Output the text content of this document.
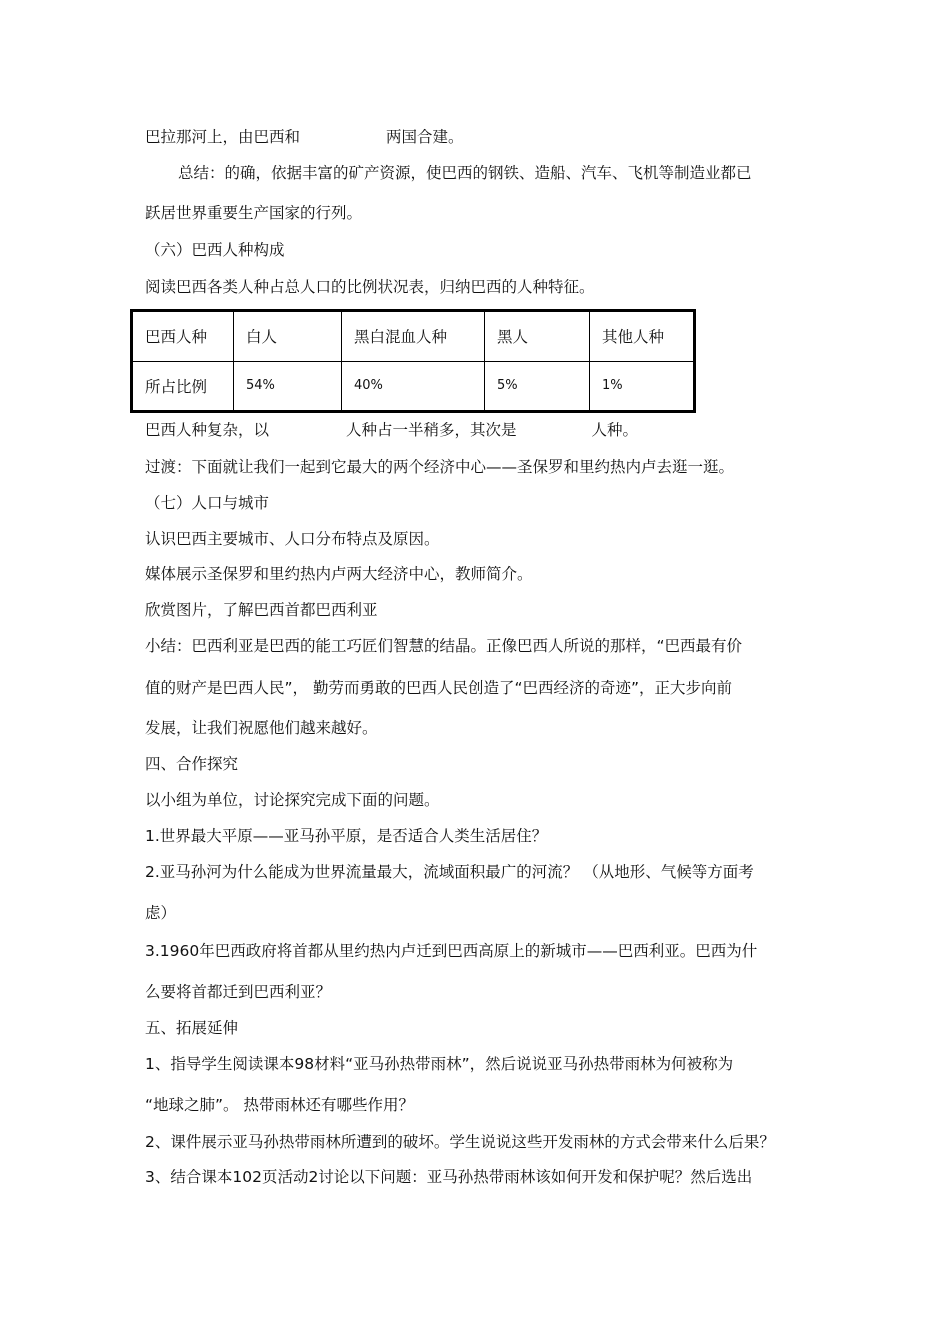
巴拉那河上，由巴西和	两国合建。
总结：的确，依据丰富的矿产资源，使巴西的钢铁、造船、汽车、飞机等制造业都已
跃居世界重要生产国家的行列。
（六）巴西人种构成
阅读巴西各类人种占总人口的比例状况表，归纳巴西的人种特征。
巴西人种	白人	黑白混血人种	黑人	其他人种
所占比例	54%	40%	5%	1%
巴西人种复杂，以	人种占一半稍多，其次是	人种。
过渡：下面就让我们一起到它最大的两个经济中心——圣保罗和里约热内卢去逛一逛。
（七）人口与城市
认识巴西主要城市、人口分布特点及原因。
媒体展示圣保罗和里约热内卢两大经济中心，教师简介。
欣赏图片，了解巴西首都巴西利亚
小结：巴西利亚是巴西的能工巧匠们智慧的结晶。正像巴西人所说的那样，“巴西最有价
值的财产是巴西人民”， 勤劳而勇敢的巴西人民创造了“巴西经济的奇迹”，正大步向前
发展，让我们祝愿他们越来越好。
四、合作探究
以小组为单位，讨论探究完成下面的问题。
1.世界最大平原——亚马孙平原，是否适合人类生活居住？
2.亚马孙河为什么能成为世界流量最大，流域面积最广的河流？ （从地形、气候等方面考
虑）
3.1960年巴西政府将首都从里约热内卢迁到巴西高原上的新城市——巴西利亚。巴西为什
么要将首都迁到巴西利亚？
五、拓展延伸
1、指导学生阅读课本98材料“亚马孙热带雨林”，然后说说亚马孙热带雨林为何被称为
“地球之肺”。 热带雨林还有哪些作用？
2、课件展示亚马孙热带雨林所遭到的破坏。学生说说这些开发雨林的方式会带来什么后果？
3、结合课本102页活动2讨论以下问题：亚马孙热带雨林该如何开发和保护呢？然后选出
